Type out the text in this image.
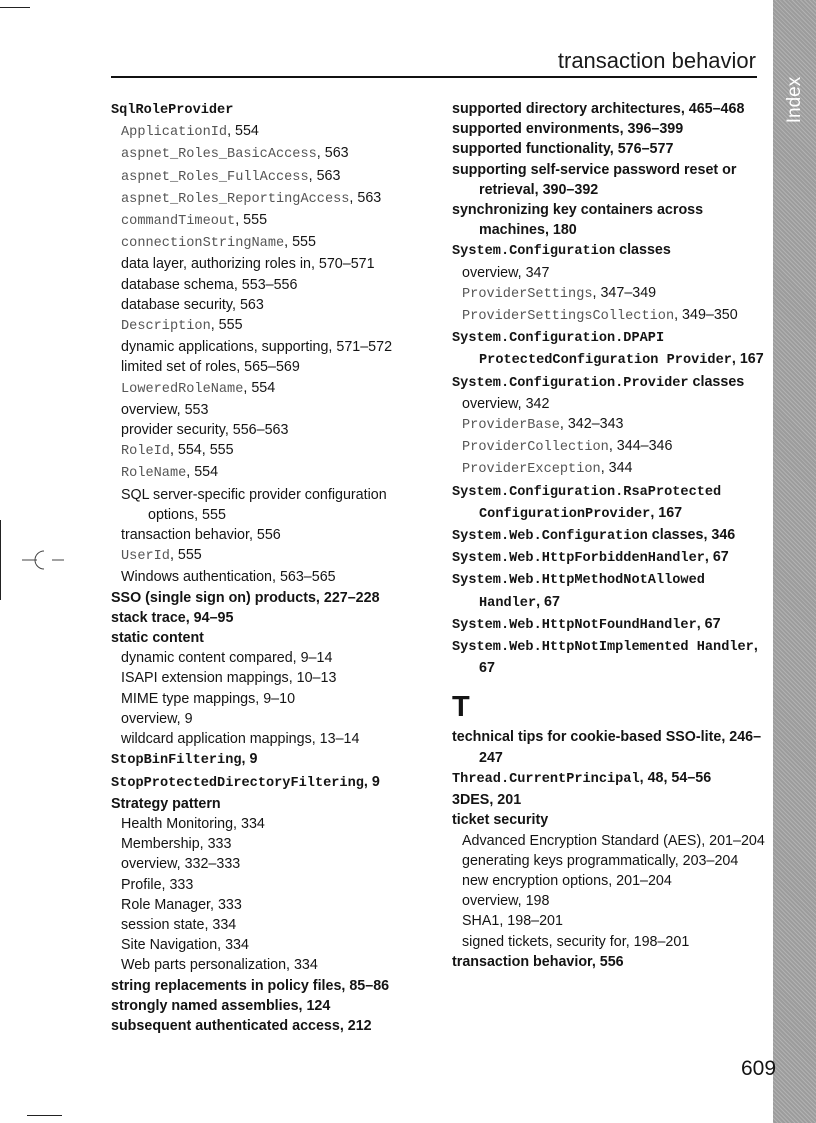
Index
transaction behavior
SqlRoleProvider
ApplicationId, 554
aspnet_Roles_BasicAccess, 563
aspnet_Roles_FullAccess, 563
aspnet_Roles_ReportingAccess, 563
commandTimeout, 555
connectionStringName, 555
data layer, authorizing roles in, 570–571
database schema, 553–556
database security, 563
Description, 555
dynamic applications, supporting, 571–572
limited set of roles, 565–569
LoweredRoleName, 554
overview, 553
provider security, 556–563
RoleId, 554, 555
RoleName, 554
SQL server-specific provider configuration options, 555
transaction behavior, 556
UserId, 555
Windows authentication, 563–565
SSO (single sign on) products, 227–228
stack trace, 94–95
static content
dynamic content compared, 9–14
ISAPI extension mappings, 10–13
MIME type mappings, 9–10
overview, 9
wildcard application mappings, 13–14
StopBinFiltering, 9
StopProtectedDirectoryFiltering, 9
Strategy pattern
Health Monitoring, 334
Membership, 333
overview, 332–333
Profile, 333
Role Manager, 333
session state, 334
Site Navigation, 334
Web parts personalization, 334
string replacements in policy files, 85–86
strongly named assemblies, 124
subsequent authenticated access, 212
supported directory architectures, 465–468
supported environments, 396–399
supported functionality, 576–577
supporting self-service password reset or retrieval, 390–392
synchronizing key containers across machines, 180
System.Configuration classes
overview, 347
ProviderSettings, 347–349
ProviderSettingsCollection, 349–350
System.Configuration.DPAPI ProtectedConfiguration Provider, 167
System.Configuration.Provider classes
overview, 342
ProviderBase, 342–343
ProviderCollection, 344–346
ProviderException, 344
System.Configuration.RsaProtected ConfigurationProvider, 167
System.Web.Configuration classes, 346
System.Web.HttpForbiddenHandler, 67
System.Web.HttpMethodNotAllowed Handler, 67
System.Web.HttpNotFoundHandler, 67
System.Web.HttpNotImplemented Handler, 67
T
technical tips for cookie-based SSO-lite, 246–247
Thread.CurrentPrincipal, 48, 54–56
3DES, 201
ticket security
Advanced Encryption Standard (AES), 201–204
generating keys programmatically, 203–204
new encryption options, 201–204
overview, 198
SHA1, 198–201
signed tickets, security for, 198–201
transaction behavior, 556
609
